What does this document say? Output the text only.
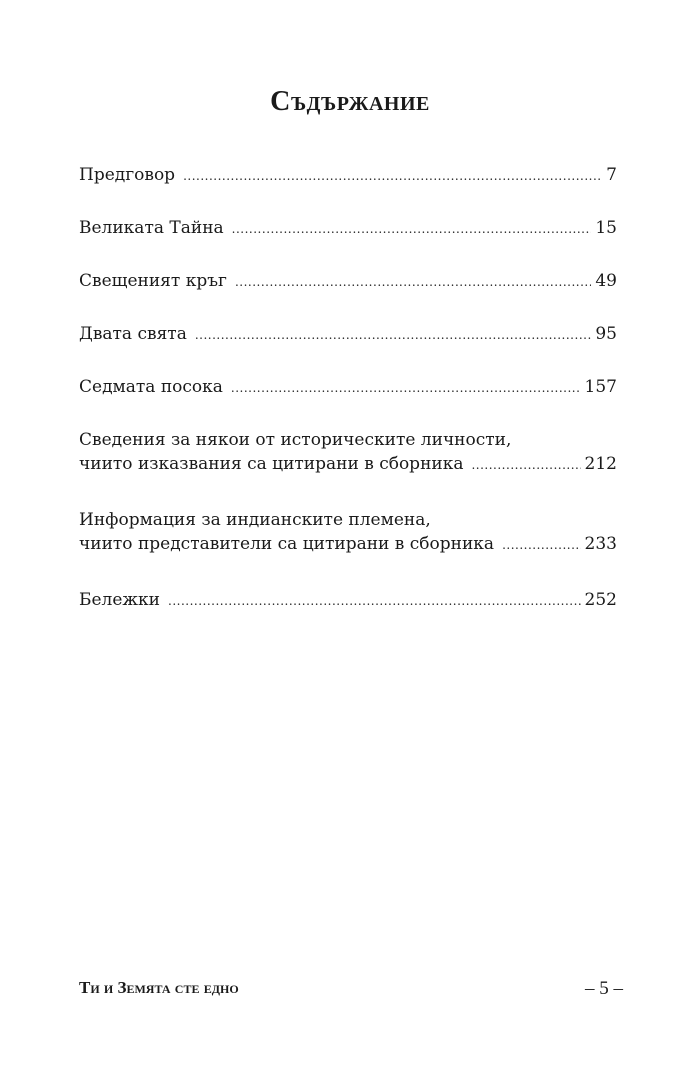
Съдържание
Предговор .....	7
Великата Тайна .....	15
Свещеният кръг .....	49
Двата свята .....	95
Седмата посока .....	157
Сведения за някои от историческите личности,
чиито изказвания са цитирани в сборника .....	212
Информация за индианските племена,
чиито представители са цитирани в сборника .....	233
Бележки .....	252
Ти и Земята сте едно	– 5 –
